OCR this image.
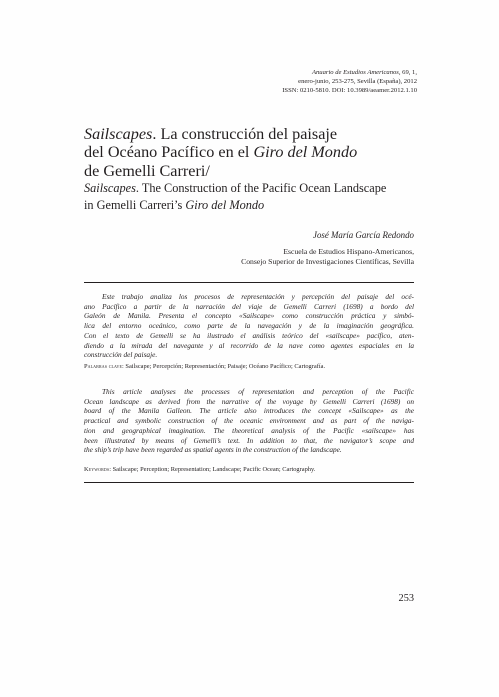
Anuario de Estudios Americanos, 69, 1,
enero-junio, 253-275, Sevilla (España), 2012
ISSN: 0210-5810. DOI: 10.3989/aeamer.2012.1.10
Sailscapes. La construcción del paisaje
del Océano Pacífico en el Giro del Mondo
de Gemelli Carreri/
Sailscapes. The Construction of the Pacific Ocean Landscape
in Gemelli Carreri’s Giro del Mondo
José María García Redondo
Escuela de Estudios Hispano-Americanos,
Consejo Superior de Investigaciones Científicas, Sevilla
Este trabajo analiza los procesos de representación y percepción del paisaje del océ-
ano Pacífico a partir de la narración del viaje de Gemelli Carreri (1698) a bordo del
Galeón de Manila. Presenta el concepto «Sailscape» como construcción práctica y simbó-
lica del entorno oceánico, como parte de la navegación y de la imaginación geográfica.
Con el texto de Gemelli se ha ilustrado el análisis teórico del «sailscape» pacífico, aten-
diendo a la mirada del navegante y al recorrido de la nave como agentes espaciales en la
construcción del paisaje.
Palabras clave: Sailscape; Percepción; Representación; Paisaje; Océano Pacífico; Cartografía.
This article analyses the processes of representation and perception of the Pacific
Ocean landscape as derived from the narrative of the voyage by Gemelli Carreri (1698) on
board of the Manila Galleon. The article also introduces the concept «Sailscape» as the
practical and symbolic construction of the oceanic environment and as part of the naviga-
tion and geographical imagination. The theoretical analysis of the Pacific «sailscape» has
been illustrated by means of Gemelli’s text. In addition to that, the navigator’s scope and
the ship’s trip have been regarded as spatial agents in the construction of the landscape.
Keywords: Sailscape; Perception; Representation; Landscape; Pacific Ocean; Cartography.
253
